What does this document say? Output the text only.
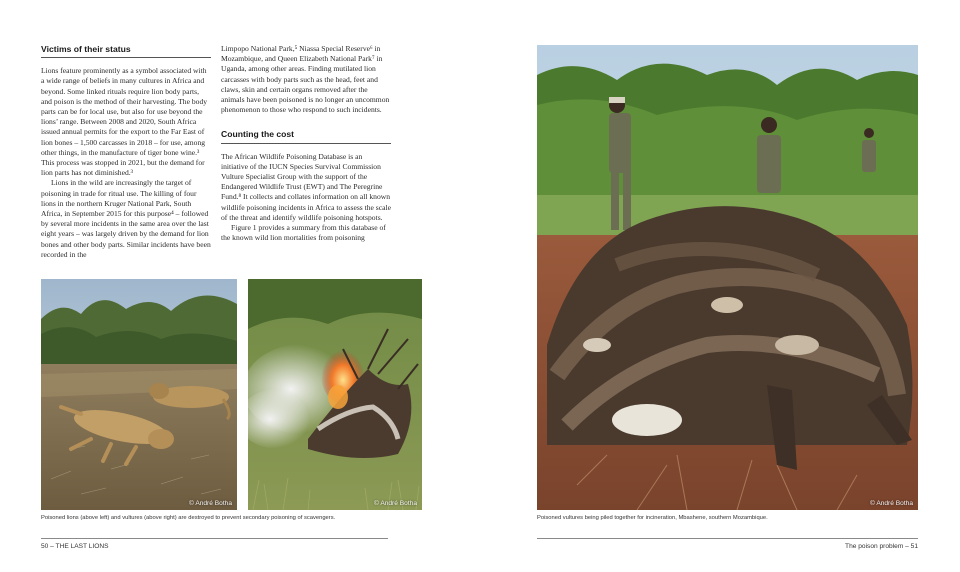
Victims of their status

Lions feature prominently as a symbol associated with a wide range of beliefs in many cultures in Africa and beyond. Some linked rituals require lion body parts, and poison is the method of their harvesting. The body parts can be for local use, but also for use beyond the lions’ range. Between 2008 and 2020, South Africa issued annual permits for the export to the Far East of lion bones – 1,500 carcasses in 2018 – for use, among other things, in the manufacture of tiger bone wine.³ This process was stopped in 2021, but the demand for lion parts has not diminished.³

Lions in the wild are increasingly the target of poisoning in trade for ritual use. The killing of four lions in the northern Kruger National Park, South Africa, in September 2015 for this purpose⁴ – followed by several more incidents in the same area over the last eight years – was largely driven by the demand for lion bones and other body parts. Similar incidents have been recorded in the

Limpopo National Park,⁵ Niassa Special Reserve⁶ in Mozambique, and Queen Elizabeth National Park⁷ in Uganda, among other areas. Finding mutilated lion carcasses with body parts such as the head, feet and claws, skin and certain organs removed after the animals have been poisoned is no longer an uncommon phenomenon to those who respond to such incidents.

Counting the cost

The African Wildlife Poisoning Database is an initiative of the IUCN Species Survival Commission Vulture Specialist Group with the support of the Endangered Wildlife Trust (EWT) and The Peregrine Fund.⁸ It collects and collates information on all known wildlife poisoning incidents in Africa to assess the scale of the threat and identify wildlife poisoning hotspots.

Figure 1 provides a summary from this database of the known wild lion mortalities from poisoning

© André Botha	© André Botha
Poisoned lions (above left) and vultures (above right) are destroyed to prevent secondary poisoning of scavengers.
50 – THE LAST LIONS
© André Botha
Poisoned vultures being piled together for incineration, Mbashene, southern Mozambique.
The poison problem – 51
